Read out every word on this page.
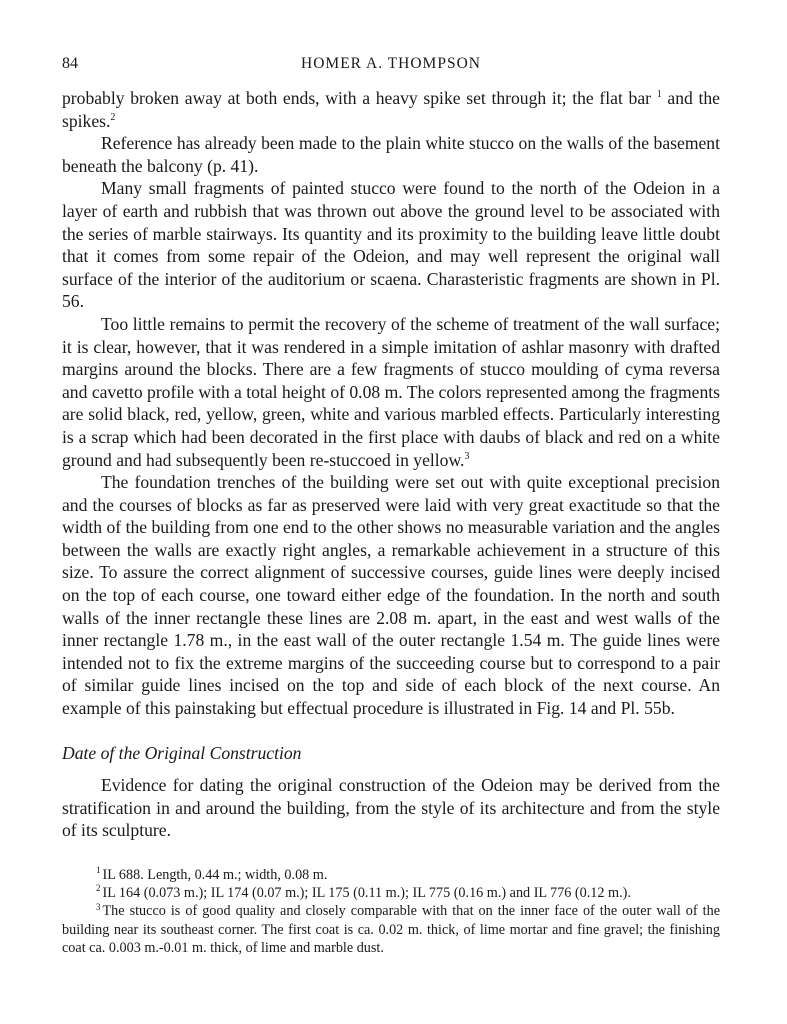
84	HOMER A. THOMPSON

probably broken away at both ends, with a heavy spike set through it; the flat bar $^1$ and the spikes.$^2$

Reference has already been made to the plain white stucco on the walls of the basement beneath the balcony (p. 41).

Many small fragments of painted stucco were found to the north of the Odeion in a layer of earth and rubbish that was thrown out above the ground level to be associated with the series of marble stairways. Its quantity and its proximity to the building leave little doubt that it comes from some repair of the Odeion, and may well represent the original wall surface of the interior of the auditorium or scaena. Charasteristic fragments are shown in Pl. 56.

Too little remains to permit the recovery of the scheme of treatment of the wall surface; it is clear, however, that it was rendered in a simple imitation of ashlar masonry with drafted margins around the blocks. There are a few fragments of stucco moulding of cyma reversa and cavetto profile with a total height of 0.08 m. The colors represented among the fragments are solid black, red, yellow, green, white and various marbled effects. Particularly interesting is a scrap which had been decorated in the first place with daubs of black and red on a white ground and had subsequently been re-stuccoed in yellow.$^3$

The foundation trenches of the building were set out with quite exceptional precision and the courses of blocks as far as preserved were laid with very great exactitude so that the width of the building from one end to the other shows no measurable variation and the angles between the walls are exactly right angles, a remarkable achievement in a structure of this size. To assure the correct alignment of successive courses, guide lines were deeply incised on the top of each course, one toward either edge of the foundation. In the north and south walls of the inner rectangle these lines are 2.08 m. apart, in the east and west walls of the inner rectangle 1.78 m., in the east wall of the outer rectangle 1.54 m. The guide lines were intended not to fix the extreme margins of the succeeding course but to correspond to a pair of similar guide lines incised on the top and side of each block of the next course. An example of this painstaking but effectual procedure is illustrated in Fig. 14 and Pl. 55b.

Date of the Original Construction

Evidence for dating the original construction of the Odeion may be derived from the stratification in and around the building, from the style of its architecture and from the style of its sculpture.

$^1$ IL 688. Length, 0.44 m.; width, 0.08 m.

$^2$ IL 164 (0.073 m.); IL 174 (0.07 m.); IL 175 (0.11 m.); IL 775 (0.16 m.) and IL 776 (0.12 m.).

$^3$ The stucco is of good quality and closely comparable with that on the inner face of the outer wall of the building near its southeast corner. The first coat is ca. 0.02 m. thick, of lime mortar and fine gravel; the finishing coat ca. 0.003 m.-0.01 m. thick, of lime and marble dust.
